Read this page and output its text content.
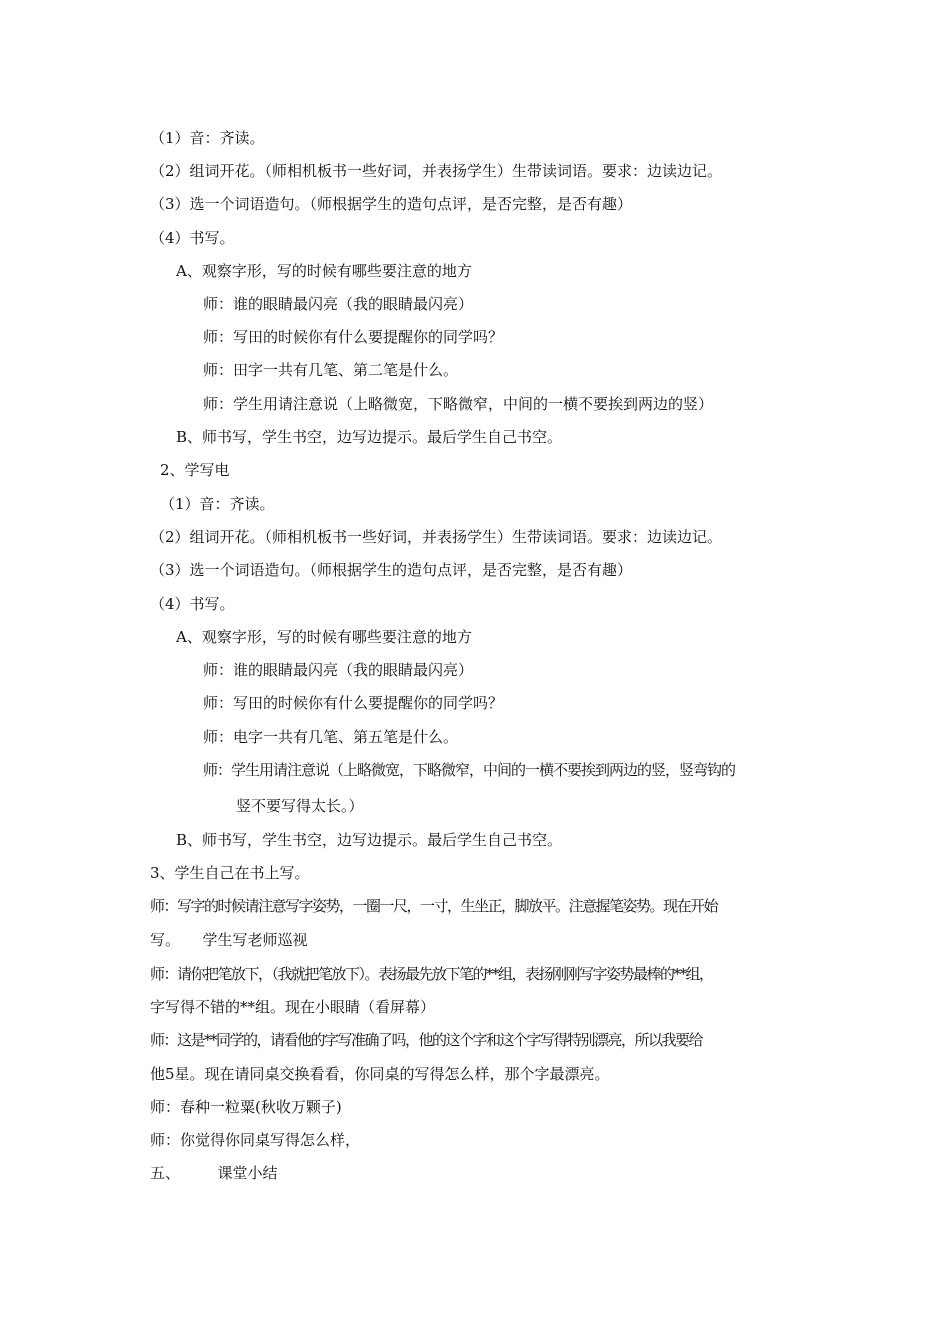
（1）音：齐读。

（2）组词开花。（师相机板书一些好词，并表扬学生）生带读词语。要求：边读边记。

（3）选一个词语造句。（师根据学生的造句点评，是否完整，是否有趣）

（4）书写。

A、观察字形，写的时候有哪些要注意的地方

师：谁的眼睛最闪亮（我的眼睛最闪亮）

师：写田的时候你有什么要提醒你的同学吗？

师：田字一共有几笔、第二笔是什么。

师：学生用请注意说（上略微宽，下略微窄，中间的一横不要挨到两边的竖）

B、师书写，学生书空，边写边提示。最后学生自己书空。

2、学写电

（1）音：齐读。

（2）组词开花。（师相机板书一些好词，并表扬学生）生带读词语。要求：边读边记。

（3）选一个词语造句。（师根据学生的造句点评，是否完整，是否有趣）

（4）书写。

A、观察字形，写的时候有哪些要注意的地方

师：谁的眼睛最闪亮（我的眼睛最闪亮）

师：写田的时候你有什么要提醒你的同学吗？

师：电字一共有几笔、第五笔是什么。

师：学生用请注意说（上略微宽，下略微窄，中间的一横不要挨到两边的竖，竖弯钩的

竖不要写得太长。）

B、师书写，学生书空，边写边提示。最后学生自己书空。

3、学生自己在书上写。

师：写字的时候请注意写字姿势，一圈一尺，一寸，生坐正，脚放平。注意握笔姿势。现在开始

写。　　学生写老师巡视

师：请你把笔放下，（我就把笔放下）。表扬最先放下笔的**组，表扬刚刚写字姿势最棒的**组，

字写得不错的**组。现在小眼睛（看屏幕）

师：这是**同学的，请看他的字写准确了吗，他的这个字和这个字写得特别漂亮，所以我要给

他5星。现在请同桌交换看看，你同桌的写得怎么样，那个字最漂亮。

师：春种一粒粟(秋收万颗子)

师：你觉得你同桌写得怎么样，

五、　　　课堂小结
